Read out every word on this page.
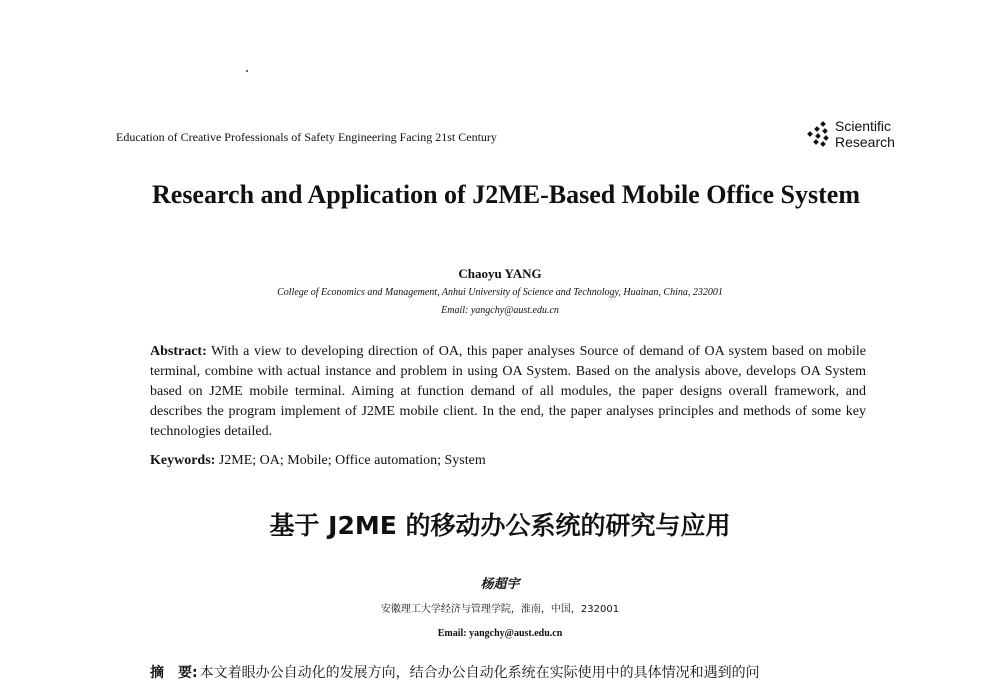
Education of Creative Professionals of Safety Engineering Facing 21st Century
Scientific
Research
Research and Application of J2ME-Based Mobile Office System
Chaoyu YANG
College of Economics and Management, Anhui University of Science and Technology, Huainan, China, 232001
Email: yangchy@aust.edu.cn
Abstract: With a view to developing direction of OA, this paper analyses Source of demand of OA system based on mobile terminal, combine with actual instance and problem in using OA System. Based on the analysis above, develops OA System based on J2ME mobile terminal. Aiming at function demand of all modules, the paper designs overall framework, and describes the program implement of J2ME mobile client. In the end, the paper analyses principles and methods of some key technologies detailed.
Keywords: J2ME; OA; Mobile; Office automation; System
基于 J2ME 的移动办公系统的研究与应用
杨超宇
安徽理工大学经济与管理学院，淮南，中国，232001
Email: yangchy@aust.edu.cn
摘　要: 本文着眼办公自动化的发展方向，结合办公自动化系统在实际使用中的具体情况和遇到的问
